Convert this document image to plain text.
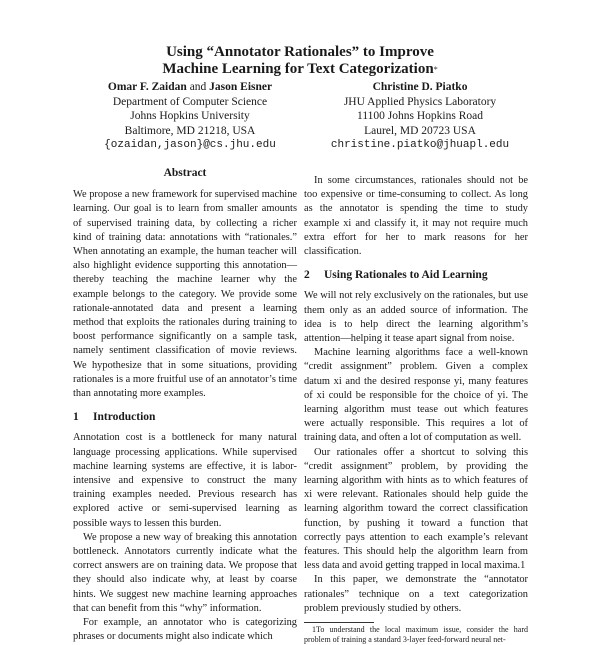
Using “Annotator Rationales” to Improve
Machine Learning for Text Categorization*
Omar F. Zaidan and Jason Eisner
Department of Computer Science
Johns Hopkins University
Baltimore, MD 21218, USA
{ozaidan,jason}@cs.jhu.edu
Christine D. Piatko
JHU Applied Physics Laboratory
11100 Johns Hopkins Road
Laurel, MD 20723 USA
christine.piatko@jhuapl.edu
Abstract

We propose a new framework for supervised machine learning. Our goal is to learn from smaller amounts of supervised training data, by collecting a richer kind of training data: annotations with “rationales.” When annotating an example, the human teacher will also highlight evidence supporting this annotation—thereby teaching the machine learner why the example belongs to the category. We provide some rationale-annotated data and present a learning method that exploits the rationales during training to boost performance significantly on a sample task, namely sentiment classification of movie reviews. We hypothesize that in some situations, providing rationales is a more fruitful use of an annotator’s time than annotating more examples.

1 Introduction

Annotation cost is a bottleneck for many natural language processing applications. While supervised machine learning systems are effective, it is labor-intensive and expensive to construct the many training examples needed. Previous research has explored active or semi-supervised learning as possible ways to lessen this burden.

We propose a new way of breaking this annotation bottleneck. Annotators currently indicate what the correct answers are on training data. We propose that they should also indicate why, at least by coarse hints. We suggest new machine learning approaches that can benefit from this “why” information.

For example, an annotator who is categorizing phrases or documents might also indicate which

In some circumstances, rationales should not be too expensive or time-consuming to collect. As long as the annotator is spending the time to study example xi and classify it, it may not require much extra effort for her to mark reasons for her classification.

2 Using Rationales to Aid Learning

We will not rely exclusively on the rationales, but use them only as an added source of information. The idea is to help direct the learning algorithm’s attention—helping it tease apart signal from noise.

Machine learning algorithms face a well-known “credit assignment” problem. Given a complex datum xi and the desired response yi, many features of xi could be responsible for the choice of yi. The learning algorithm must tease out which features were actually responsible. This requires a lot of training data, and often a lot of computation as well.

Our rationales offer a shortcut to solving this “credit assignment” problem, by providing the learning algorithm with hints as to which features of xi were relevant. Rationales should help guide the learning algorithm toward the correct classification function, by pushing it toward a function that correctly pays attention to each example’s relevant features. This should help the algorithm learn from less data and avoid getting trapped in local maxima.1

In this paper, we demonstrate the “annotator rationales” technique on a text categorization problem previously studied by others.

1To understand the local maximum issue, consider the hard problem of training a standard 3-layer feed-forward neural net-
